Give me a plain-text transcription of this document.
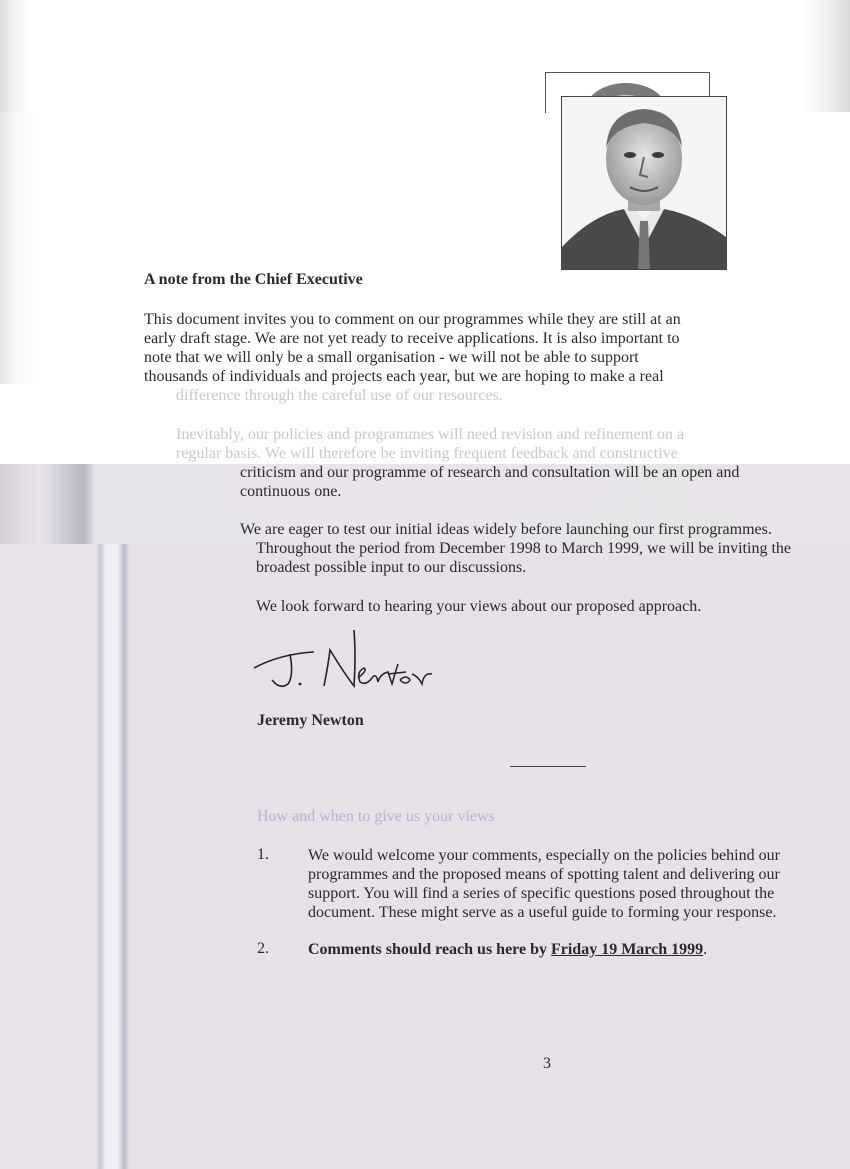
A note from the Chief Executive

This document invites you to comment on our programmes while they are still at an

early draft stage. We are not yet ready to receive applications. It is also important to

note that we will only be a small organisation - we will not be able to support

thousands of individuals and projects each year, but we are hoping to make a real

difference through the careful use of our resources.

Inevitably, our policies and programmes will need revision and refinement on a

regular basis. We will therefore be inviting frequent feedback and constructive

criticism and our programme of research and consultation will be an open and

continuous one.

We are eager to test our initial ideas widely before launching our first programmes.

Throughout the period from December 1998 to March 1999, we will be inviting the

broadest possible input to our discussions.

We look forward to hearing your views about our proposed approach.

Jeremy Newton
How and when to give us your views
1. We would welcome your comments, especially on the policies behind our

programmes and the proposed means of spotting talent and delivering our

support. You will find a series of specific questions posed throughout the

document. These might serve as a useful guide to forming your response.

2. Comments should reach us here by Friday 19 March 1999.

3
